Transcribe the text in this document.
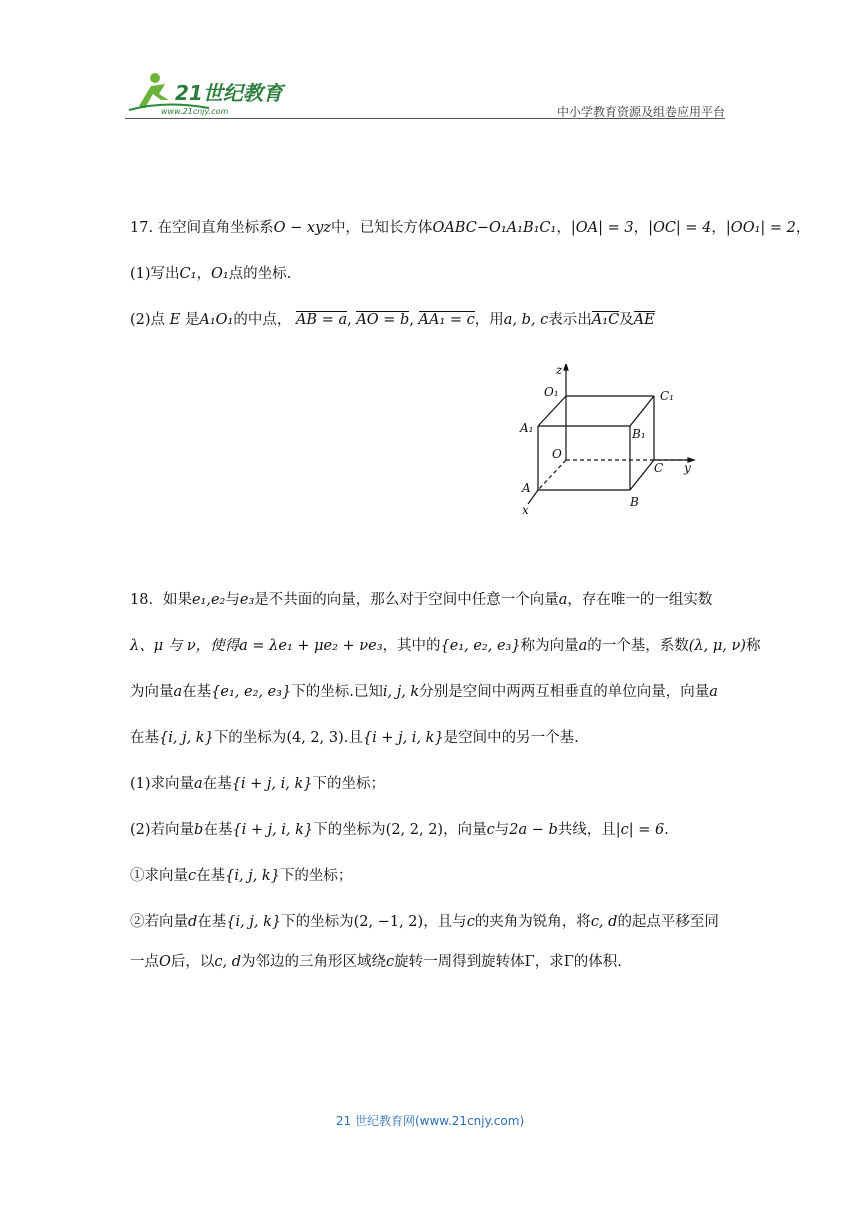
21世纪教育
www.21cnjy.com	中小学教育资源及组卷应用平台

17. 在空间直角坐标系O − xyz中，已知长方体OABC−O₁A₁B₁C₁，|OA| = 3，|OC| = 4，|OO₁| = 2，

(1)写出C₁，O₁点的坐标.

(2)点 E 是A₁O₁的中点， AB = a, AO = b, AA₁ = c，用a, b, c表示出A₁C及AE

z
O₁	C₁
A₁	B₁
O
C y
A
B
x

18．如果e₁,e₂与e₃是不共面的向量，那么对于空间中任意一个向量a，存在唯一的一组实数

λ、μ 与 ν，使得a = λe₁ + μe₂ + νe₃，其中的{e₁, e₂, e₃}称为向量a的一个基，系数(λ, μ, ν)称

为向量a在基{e₁, e₂, e₃}下的坐标.已知i, j, k分别是空间中两两互相垂直的单位向量，向量a

在基{i, j, k}下的坐标为(4, 2, 3).且{i + j, i, k}是空间中的另一个基.

(1)求向量a在基{i + j, i, k}下的坐标；

(2)若向量b在基{i + j, i, k}下的坐标为(2, 2, 2)，向量c与2a − b共线，且|c| = 6.

①求向量c在基{i, j, k}下的坐标；

②若向量d在基{i, j, k}下的坐标为(2, −1, 2)，且与c的夹角为锐角，将c, d的起点平移至同

一点O后，以c, d为邻边的三角形区域绕c旋转一周得到旋转体Γ，求Γ的体积.

21 世纪教育网(www.21cnjy.com)
